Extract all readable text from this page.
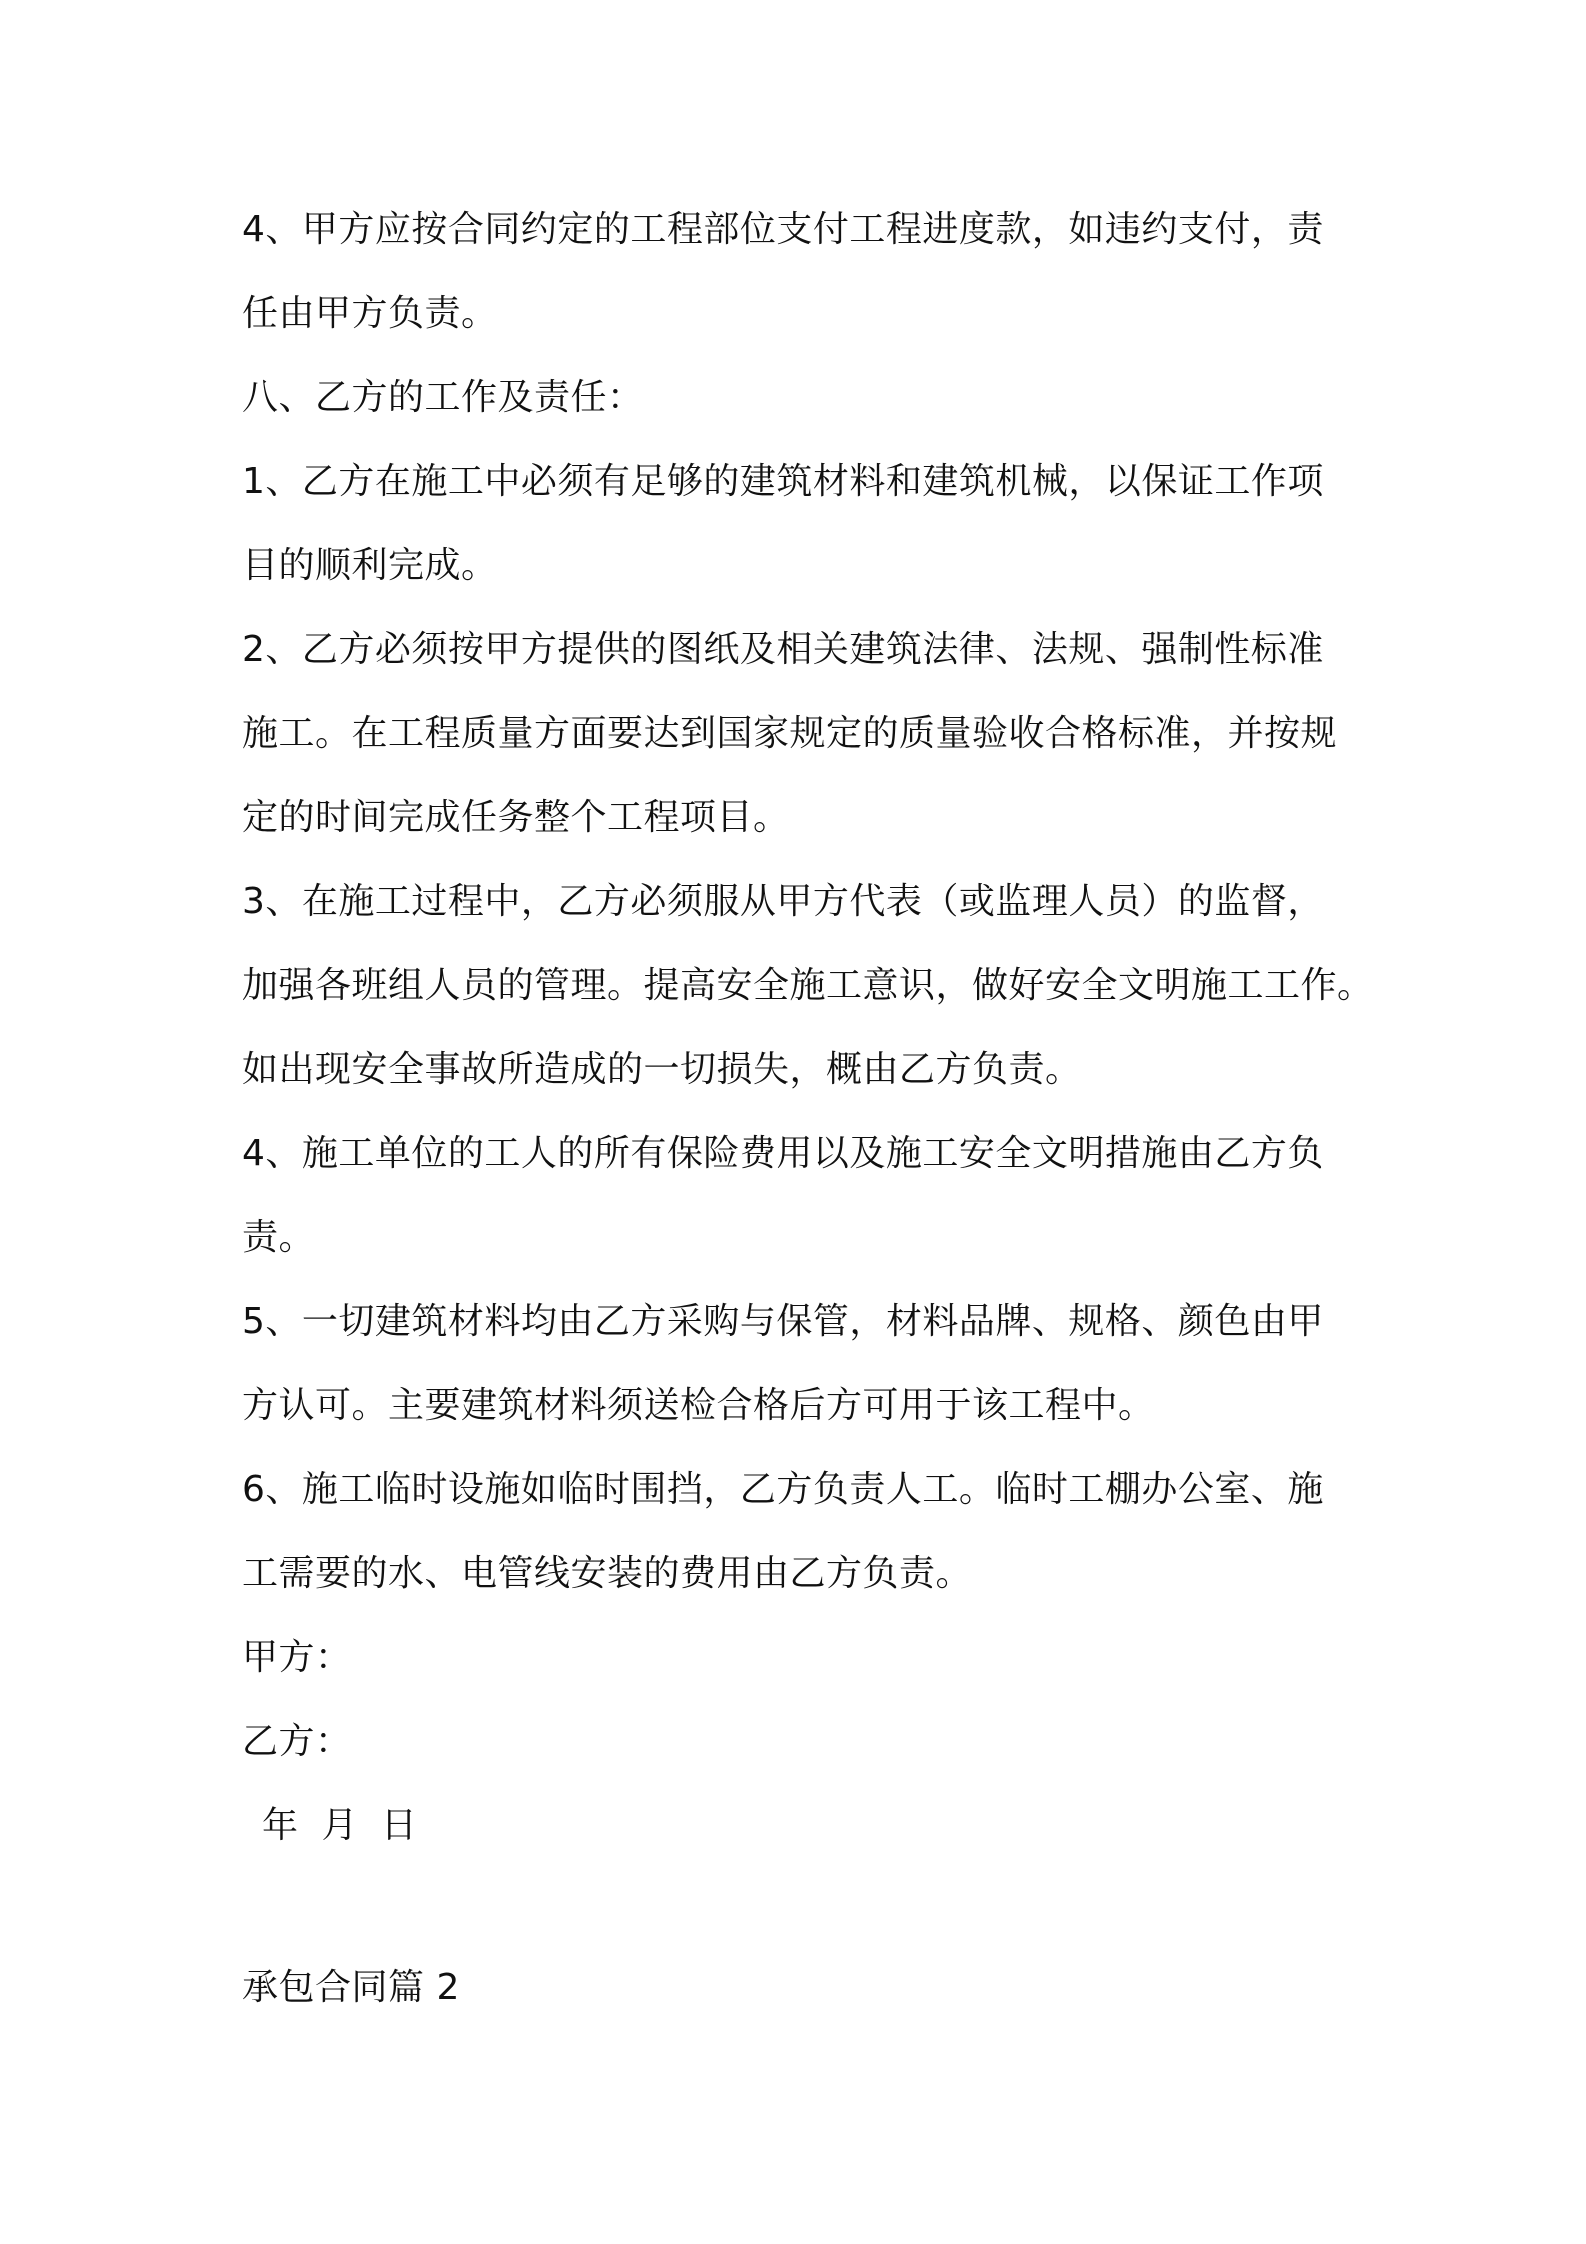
4、甲方应按合同约定的工程部位支付工程进度款，如违约支付，责
任由甲方负责。
八、乙方的工作及责任：
1、乙方在施工中必须有足够的建筑材料和建筑机械，以保证工作项
目的顺利完成。
2、乙方必须按甲方提供的图纸及相关建筑法律、法规、强制性标准
施工。在工程质量方面要达到国家规定的质量验收合格标准，并按规
定的时间完成任务整个工程项目。
3、在施工过程中，乙方必须服从甲方代表（或监理人员）的监督，
加强各班组人员的管理。提高安全施工意识，做好安全文明施工工作。
如出现安全事故所造成的一切损失，概由乙方负责。
4、施工单位的工人的所有保险费用以及施工安全文明措施由乙方负
责。
5、一切建筑材料均由乙方采购与保管，材料品牌、规格、颜色由甲
方认可。主要建筑材料须送检合格后方可用于该工程中。
6、施工临时设施如临时围挡，乙方负责人工。临时工棚办公室、施
工需要的水、电管线安装的费用由乙方负责。
甲方：
乙方：
年 月 日
承包合同篇 2
